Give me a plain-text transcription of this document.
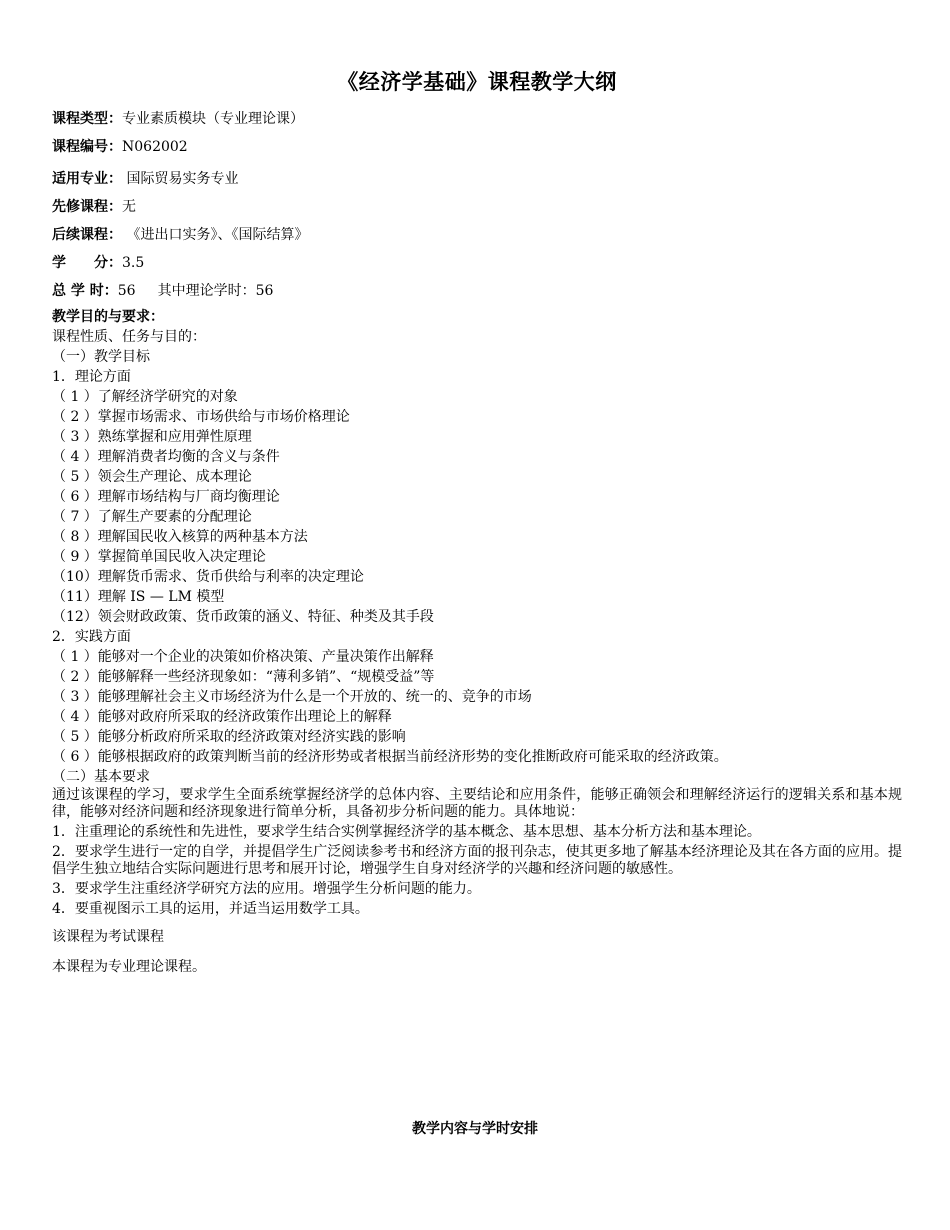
《经济学基础》课程教学大纲
课程类型：专业素质模块（专业理论课）
课程编号：N062002
适用专业： 国际贸易实务专业
先修课程：无
后续课程： 《进出口实务》、《国际结算》
学　　分：3.5
总 学 时：56 其中理论学时：56
教学目的与要求：
课程性质、任务与目的：
（一）教学目标
1．理论方面
（ 1 ）了解经济学研究的对象
（ 2 ）掌握市场需求、市场供给与市场价格理论
（ 3 ）熟练掌握和应用弹性原理
（ 4 ）理解消费者均衡的含义与条件
（ 5 ）领会生产理论、成本理论
（ 6 ）理解市场结构与厂商均衡理论
（ 7 ）了解生产要素的分配理论
（ 8 ）理解国民收入核算的两种基本方法
（ 9 ）掌握简单国民收入决定理论
（10）理解货币需求、货币供给与利率的决定理论
（11）理解 IS — LM 模型
（12）领会财政政策、货币政策的涵义、特征、种类及其手段
2．实践方面
（ 1 ）能够对一个企业的决策如价格决策、产量决策作出解释
（ 2 ）能够解释一些经济现象如：“薄利多销”、“规模受益”等
（ 3 ）能够理解社会主义市场经济为什么是一个开放的、统一的、竞争的市场
（ 4 ）能够对政府所采取的经济政策作出理论上的解释
（ 5 ）能够分析政府所采取的经济政策对经济实践的影响
（ 6 ）能够根据政府的政策判断当前的经济形势或者根据当前经济形势的变化推断政府可能采取的经济政策。
（二）基本要求
通过该课程的学习，要求学生全面系统掌握经济学的总体内容、主要结论和应用条件，能够正确领会和理解经济运行的逻辑关系和基本规律，能够对经济问题和经济现象进行简单分析，具备初步分析问题的能力。具体地说：
1．注重理论的系统性和先进性，要求学生结合实例掌握经济学的基本概念、基本思想、基本分析方法和基本理论。
2．要求学生进行一定的自学，并提倡学生广泛阅读参考书和经济方面的报刊杂志，使其更多地了解基本经济理论及其在各方面的应用。提倡学生独立地结合实际问题进行思考和展开讨论，增强学生自身对经济学的兴趣和经济问题的敏感性。
3．要求学生注重经济学研究方法的应用。增强学生分析问题的能力。
4．要重视图示工具的运用，并适当运用数学工具。
该课程为考试课程
本课程为专业理论课程。
教学内容与学时安排
